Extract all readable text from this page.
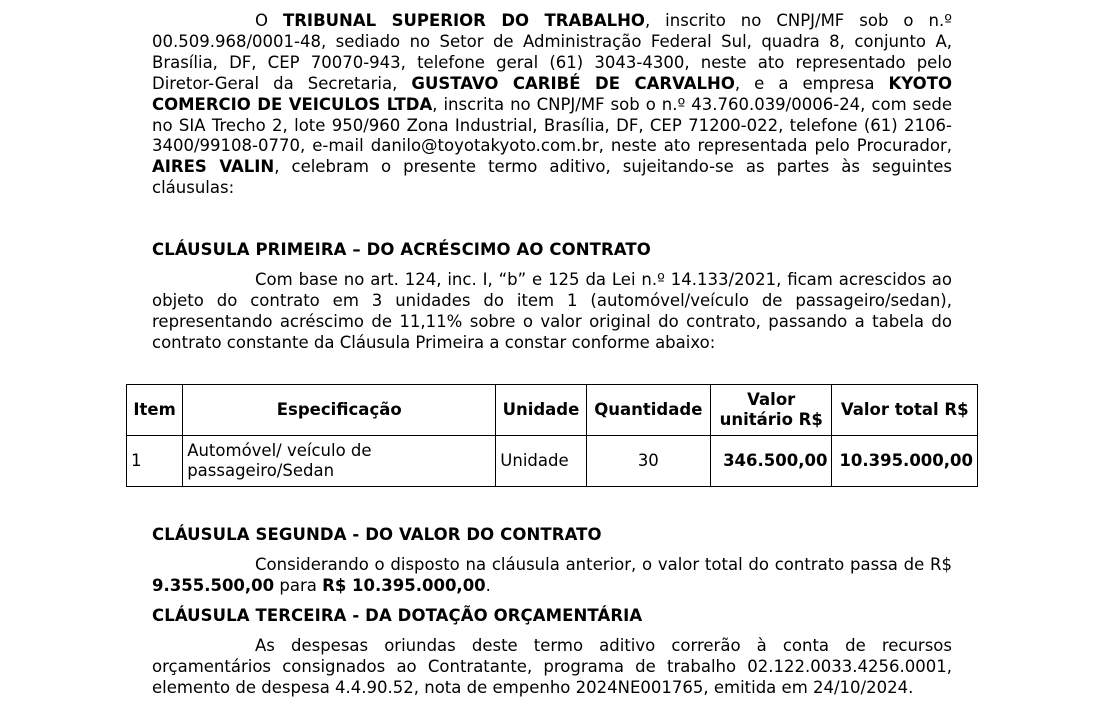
O TRIBUNAL SUPERIOR DO TRABALHO, inscrito no CNPJ/MF sob o n.º 00.509.968/0001-48, sediado no Setor de Administração Federal Sul, quadra 8, conjunto A, Brasília, DF, CEP 70070-943, telefone geral (61) 3043-4300, neste ato representado pelo Diretor-Geral da Secretaria, GUSTAVO CARIBÉ DE CARVALHO, e a empresa KYOTO COMERCIO DE VEICULOS LTDA, inscrita no CNPJ/MF sob o n.º 43.760.039/0006-24, com sede no SIA Trecho 2, lote 950/960 Zona Industrial, Brasília, DF, CEP 71200-022, telefone (61) 2106-3400/99108-0770, e-mail danilo@toyotakyoto.com.br, neste ato representada pelo Procurador, AIRES VALIN, celebram o presente termo aditivo, sujeitando-se as partes às seguintes cláusulas:

CLÁUSULA PRIMEIRA – DO ACRÉSCIMO AO CONTRATO

Com base no art. 124, inc. I, “b” e 125 da Lei n.º 14.133/2021, ficam acrescidos ao objeto do contrato em 3 unidades do item 1 (automóvel/veículo de passageiro/sedan), representando acréscimo de 11,11% sobre o valor original do contrato, passando a tabela do contrato constante da Cláusula Primeira a constar conforme abaixo:

Item	Especificação	Unidade	Quantidade	Valor unitário R$	Valor total R$
1	Automóvel/ veículo de passageiro/Sedan	Unidade	30	346.500,00	10.395.000,00
CLÁUSULA SEGUNDA - DO VALOR DO CONTRATO

Considerando o disposto na cláusula anterior, o valor total do contrato passa de R$ 9.355.500,00 para R$ 10.395.000,00.

CLÁUSULA TERCEIRA - DA DOTAÇÃO ORÇAMENTÁRIA

As despesas oriundas deste termo aditivo correrão à conta de recursos orçamentários consignados ao Contratante, programa de trabalho 02.122.0033.4256.0001, elemento de despesa 4.4.90.52, nota de empenho 2024NE001765, emitida em 24/10/2024.
